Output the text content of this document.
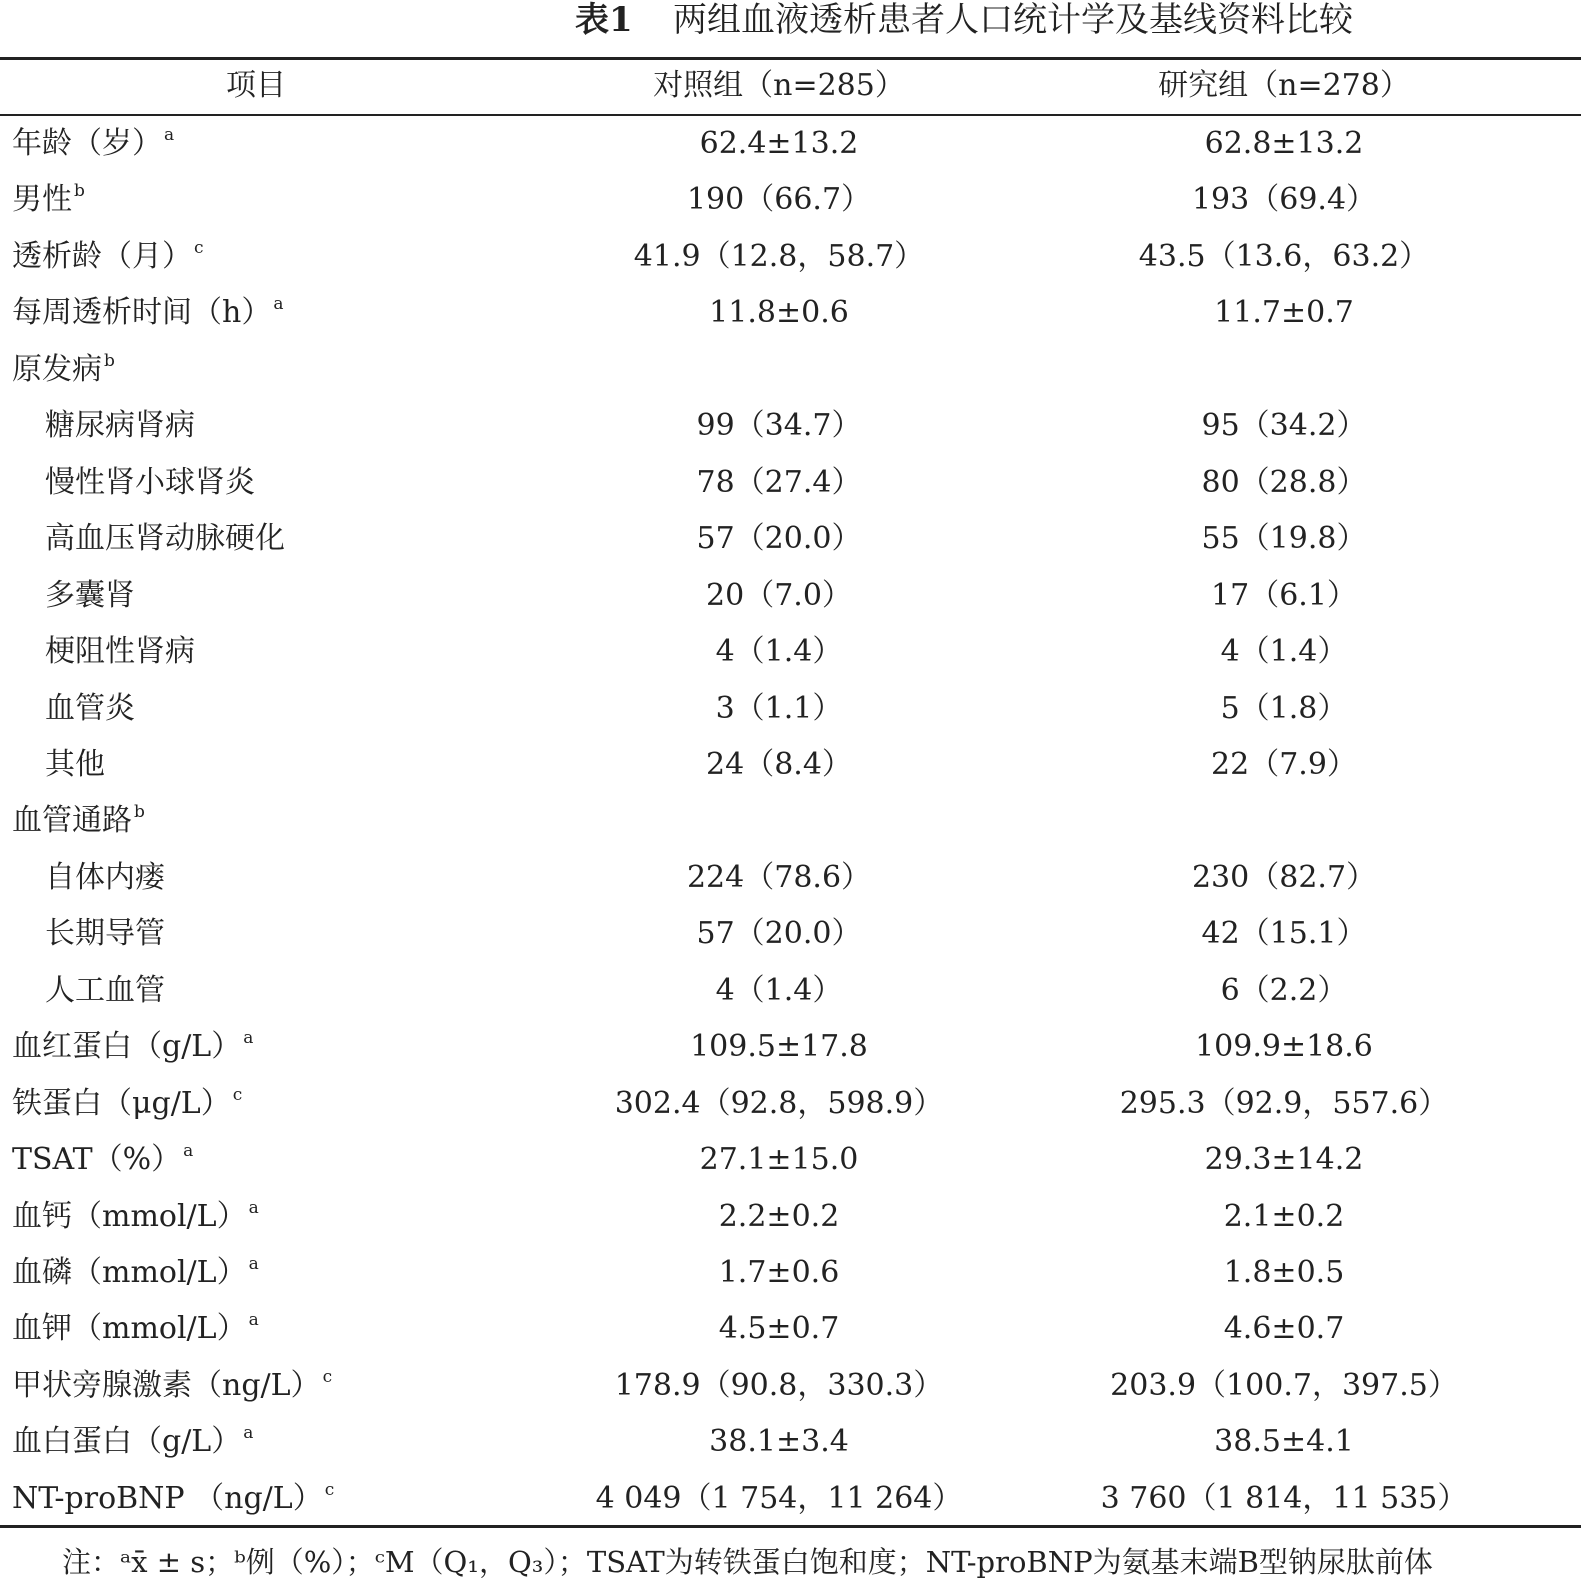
表1 两组血液透析患者人口统计学及基线资料比较
项目	对照组（n=285）	研究组（n=278）
年龄（岁） $^a$	62.4±13.2	62.8±13.2
男性 $^b$	190（66.7）	193（69.4）
透析龄（月） $^c$	41.9（12.8，58.7）	43.5（13.6，63.2）
每周透析时间（h） $^a$	11.8±0.6	11.7±0.7
原发病 $^b$
糖尿病肾病	99（34.7）	95（34.2）
慢性肾小球肾炎	78（27.4）	80（28.8）
高血压肾动脉硬化	57（20.0）	55（19.8）
多囊肾	20（7.0）	17（6.1）
梗阻性肾病	4（1.4）	4（1.4）
血管炎	3（1.1）	5（1.8）
其他	24（8.4）	22（7.9）
血管通路 $^b$
自体内瘘	224（78.6）	230（82.7）
长期导管	57（20.0）	42（15.1）
人工血管	4（1.4）	6（2.2）
血红蛋白（g/L） $^a$	109.5±17.8	109.9±18.6
铁蛋白（μg/L） $^c$	302.4（92.8，598.9）	295.3（92.9，557.6）
TSAT（%） $^a$	27.1±15.0	29.3±14.2
血钙（mmol/L） $^a$	2.2±0.2	2.1±0.2
血磷（mmol/L） $^a$	1.7±0.6	1.8±0.5
血钾（mmol/L） $^a$	4.5±0.7	4.6±0.7
甲状旁腺激素（ng/L） $^c$	178.9（90.8，330.3）	203.9（100.7，397.5）
血白蛋白（g/L） $^a$	38.1±3.4	38.5±4.1
NT-proBNP （ng/L） $^c$	4 049（1 754，11 264）	3 760（1 814，11 535）
注：ᵃx̄ ± s；ᵇ例（%）；ᶜM（Q₁，Q₃）；TSAT为转铁蛋白饱和度；NT-proBNP为氨基末端B型钠尿肽前体
